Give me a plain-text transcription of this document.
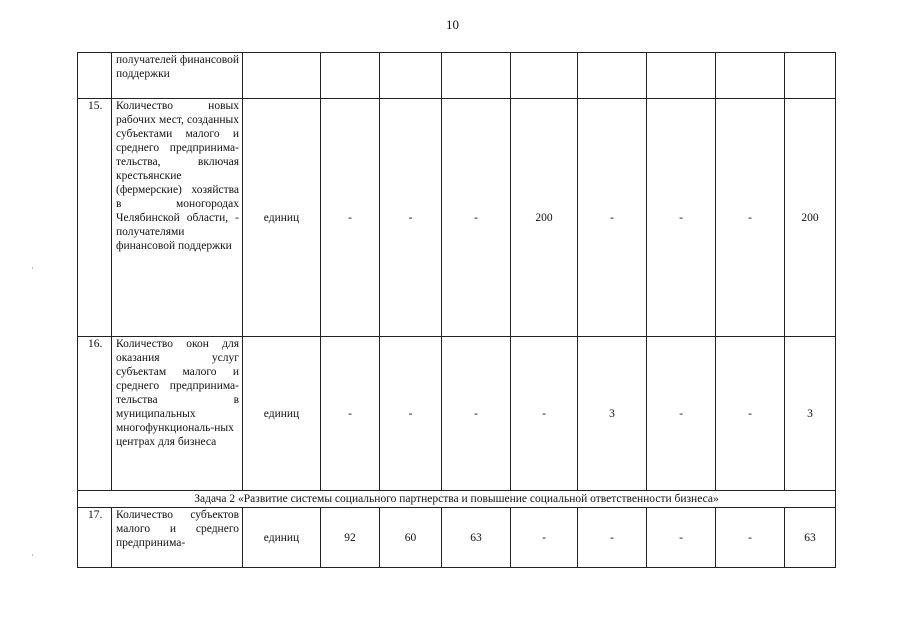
10
·
·
	получателей финансовой поддержки									
15.	Количество новых рабочих мест, созданных субъектами малого и среднего предпринима-тельства, включая крестьянские (фермерские) хозяйства в моногородах Челябинской области, - получателями финансовой поддержки	единиц	-	-	-	200	-	-	-	200
16.	Количество окон для оказания услуг субъектам малого и среднего предпринима-тельства в муниципальных многофункциональ-ных центрах для бизнеса	единиц	-	-	-	-	3	-	-	3
Задача 2 «Развитие системы социального партнерства и повышение социальной ответственности бизнеса»										
17.	Количество субъектов малого и среднего предпринима-	единиц	92	60	63	-	-	-	-	63
